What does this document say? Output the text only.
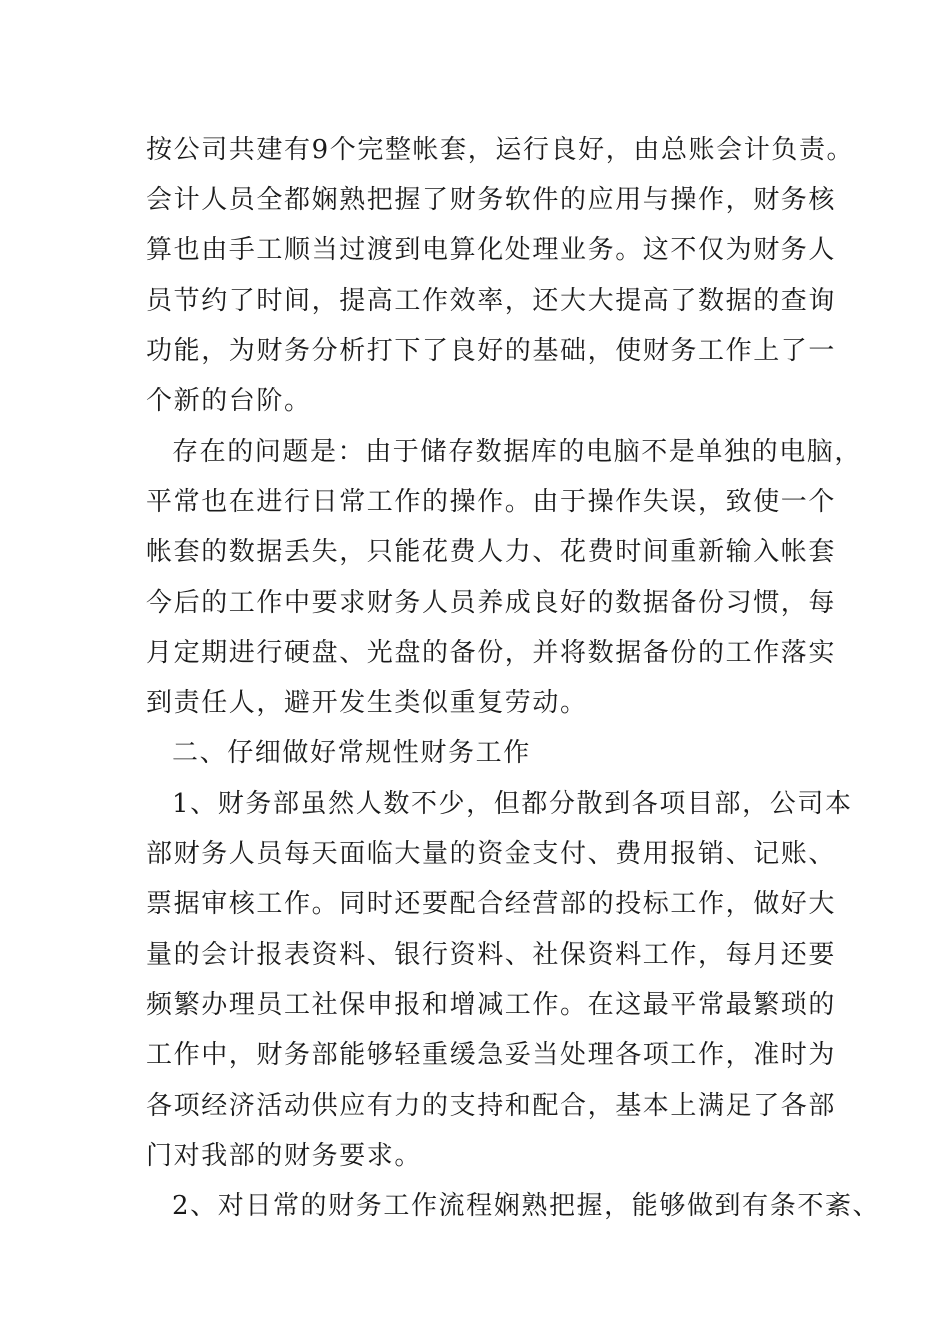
按公司共建有9个完整帐套，运行良好，由总账会计负责。
会计人员全都娴熟把握了财务软件的应用与操作，财务核
算也由手工顺当过渡到电算化处理业务。这不仅为财务人
员节约了时间，提高工作效率，还大大提高了数据的查询
功能，为财务分析打下了良好的基础，使财务工作上了一
个新的台阶。
存在的问题是：由于储存数据库的电脑不是单独的电脑，
平常也在进行日常工作的操作。由于操作失误，致使一个
帐套的数据丢失，只能花费人力、花费时间重新输入帐套
今后的工作中要求财务人员养成良好的数据备份习惯，每
月定期进行硬盘、光盘的备份，并将数据备份的工作落实
到责任人，避开发生类似重复劳动。
二、仔细做好常规性财务工作
1、财务部虽然人数不少，但都分散到各项目部，公司本
部财务人员每天面临大量的资金支付、费用报销、记账、
票据审核工作。同时还要配合经营部的投标工作，做好大
量的会计报表资料、银行资料、社保资料工作，每月还要
频繁办理员工社保申报和增减工作。在这最平常最繁琐的
工作中，财务部能够轻重缓急妥当处理各项工作，准时为
各项经济活动供应有力的支持和配合，基本上满足了各部
门对我部的财务要求。
2、对日常的财务工作流程娴熟把握，能够做到有条不紊、
